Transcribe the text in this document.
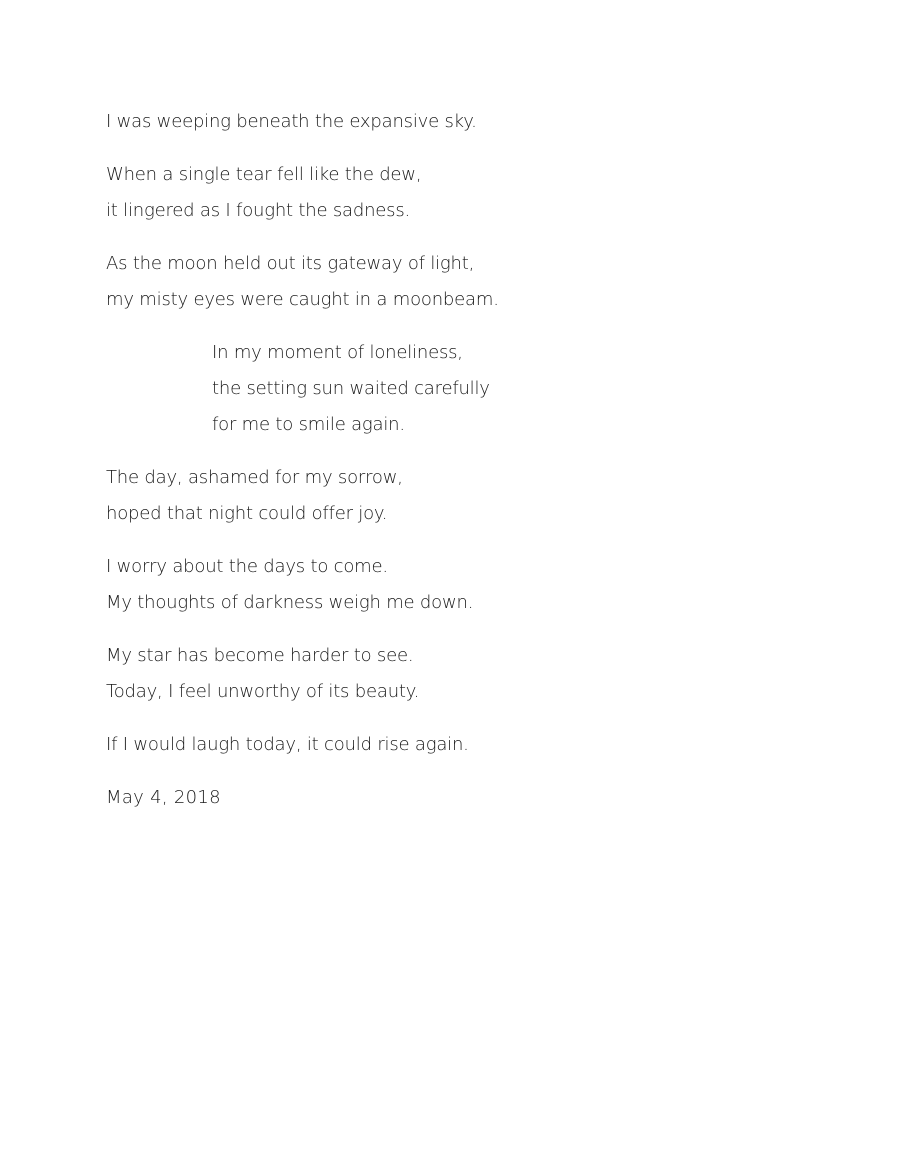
I was weeping beneath the expansive sky.
When a single tear fell like the dew,
it lingered as I fought the sadness.
As the moon held out its gateway of light,
my misty eyes were caught in a moonbeam.
In my moment of loneliness,
the setting sun waited carefully
for me to smile again.
The day, ashamed for my sorrow,
hoped that night could offer joy.
I worry about the days to come.
My thoughts of darkness weigh me down.
My star has become harder to see.
Today, I feel unworthy of its beauty.
If I would laugh today, it could rise again.
May 4, 2018
